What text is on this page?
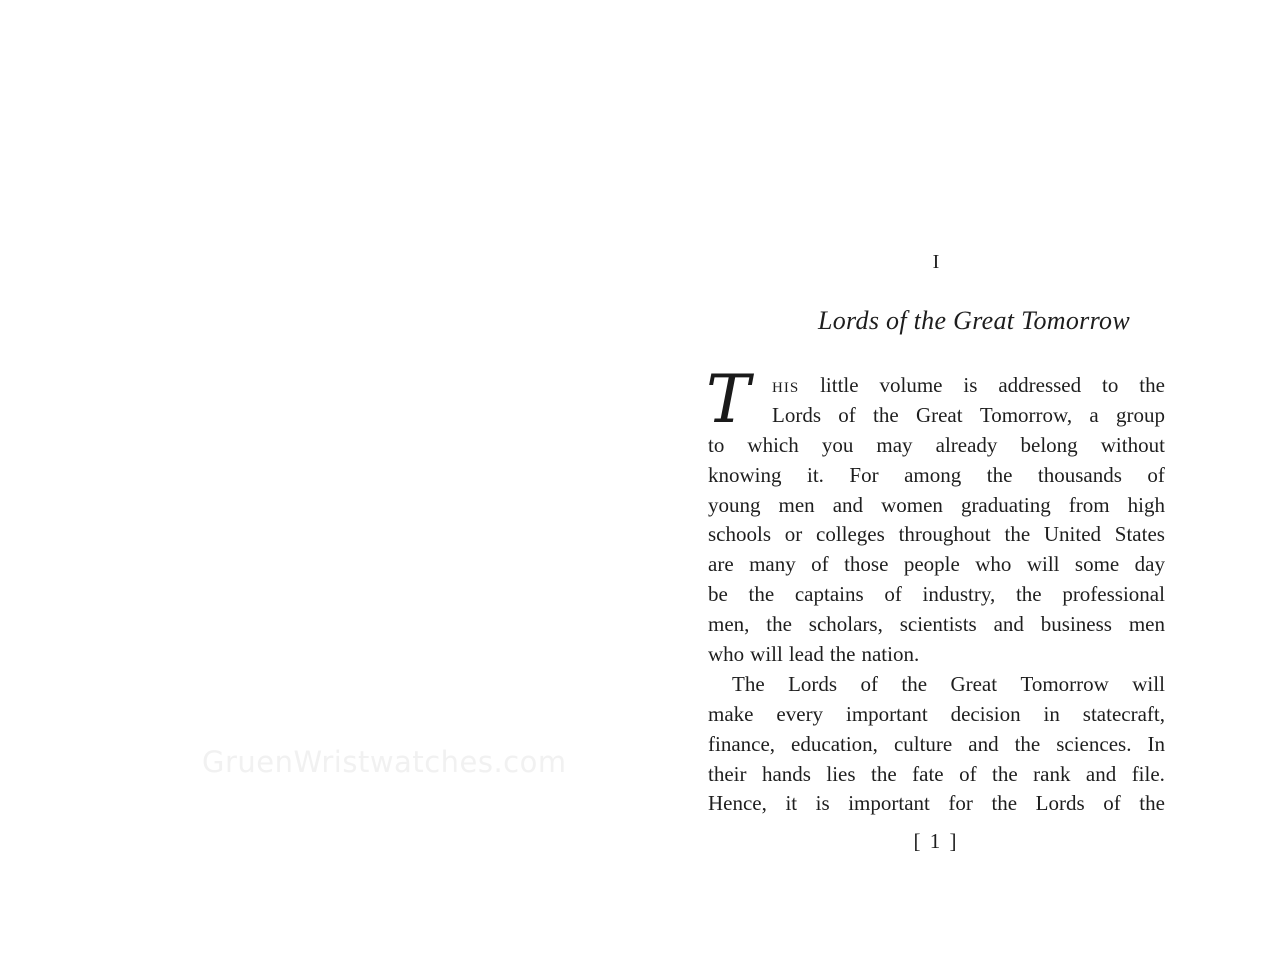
GruenWristwatches.com
I
Lords of the Great Tomorrow
T his little volume is addressed to the
Lords of the Great Tomorrow, a group
to which you may already belong without
knowing it. For among the thousands of
young men and women graduating from high
schools or colleges throughout the United States
are many of those people who will some day
be the captains of industry, the professional
men, the scholars, scientists and business men
who will lead the nation.
The Lords of the Great Tomorrow will
make every important decision in statecraft,
finance, education, culture and the sciences. In
their hands lies the fate of the rank and file.
Hence, it is important for the Lords of the
[ 1 ]
